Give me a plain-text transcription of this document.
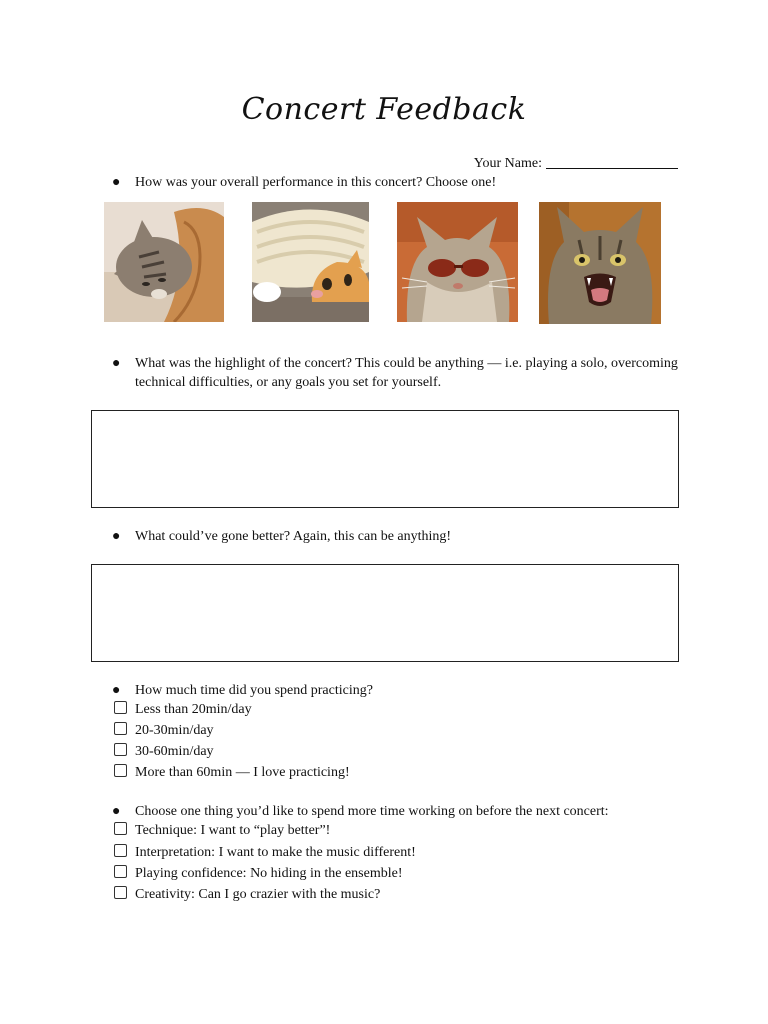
Concert Feedback
Your Name:
● How was your overall performance in this concert? Choose one!
● What was the highlight of the concert? This could be anything — i.e. playing a solo, overcoming technical difficulties, or any goals you set for yourself.
● What could’ve gone better? Again, this can be anything!
● How much time did you spend practicing?
Less than 20min/day
20-30min/day
30-60min/day
More than 60min — I love practicing!
● Choose one thing you’d like to spend more time working on before the next concert:
Technique: I want to “play better”!
Interpretation: I want to make the music different!
Playing confidence: No hiding in the ensemble!
Creativity: Can I go crazier with the music?
